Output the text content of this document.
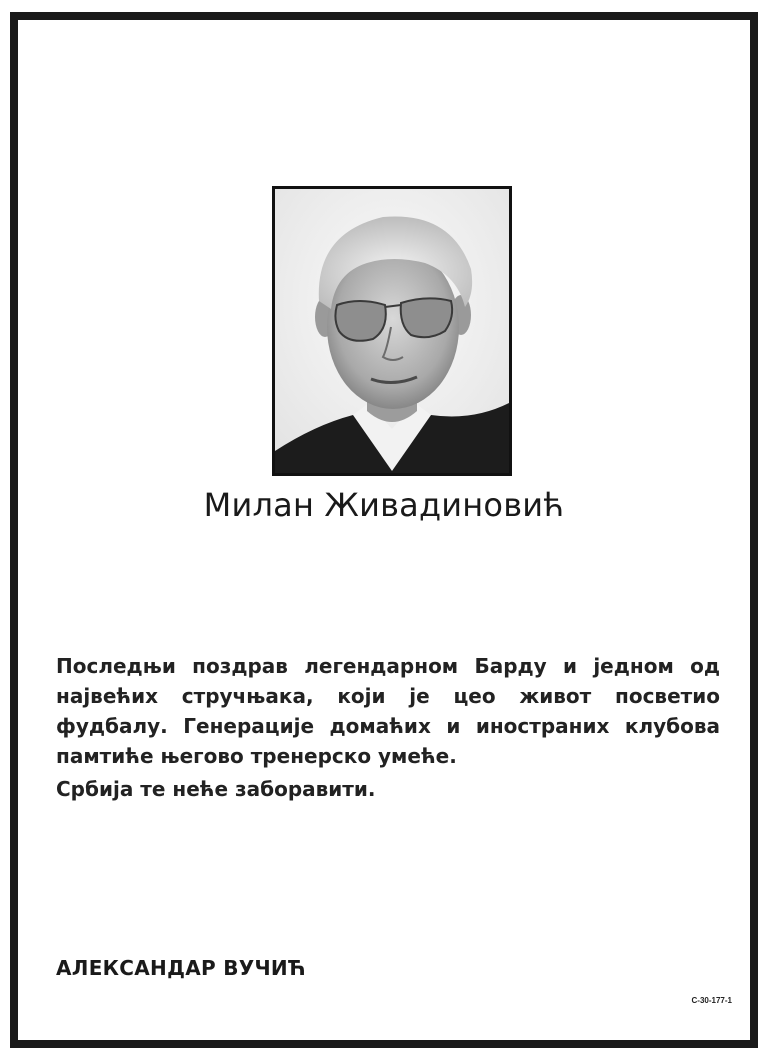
Милан Живадиновић

Последњи поздрав легендарном Барду и једном од највећих стручњака, који је цео живот посветио фудбалу. Генерације домаћих и иностраних клубова памтиће његово тренерско умеће.

Србија те неће заборавити.

АЛЕКСАНДАР ВУЧИЋ
С-30-177-1
